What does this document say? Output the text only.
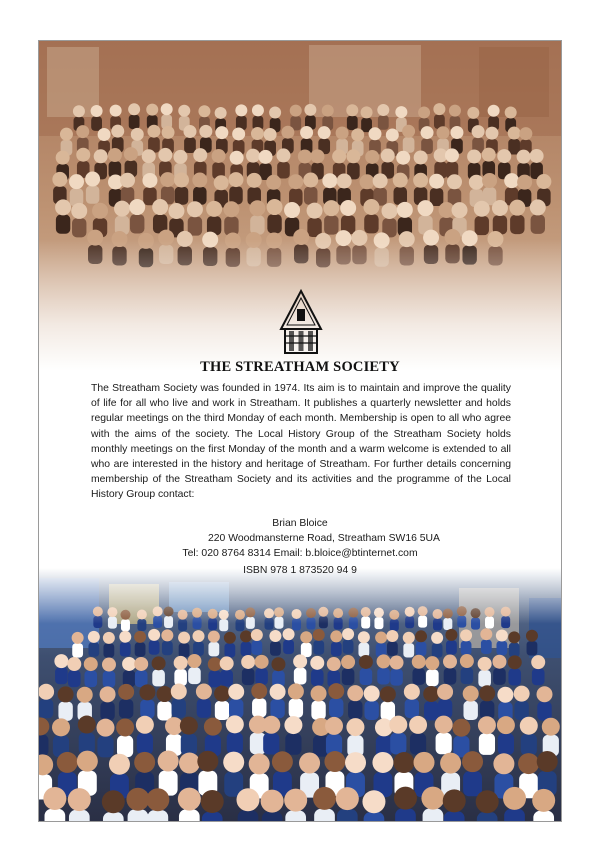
THE STREATHAM SOCIETY

The Streatham Society was founded in 1974. Its aim is to maintain and improve the quality of life for all who live and work in Streatham. It publishes a quarterly newsletter and holds regular meetings on the third Monday of each month. Membership is open to all who agree with the aims of the society. The Local History Group of the Streatham Society holds monthly meetings on the first Monday of the month and a warm welcome is extended to all who are interested in the history and heritage of Streatham. For further details concerning membership of the Streatham Society and its activities and the programme of the Local History Group contact:

Brian Bloice
220 Woodmansterne Road, Streatham SW16 5UA
Tel: 020 8764 8314 Email: b.bloice@btinternet.com
ISBN 978 1 873520 94 9
